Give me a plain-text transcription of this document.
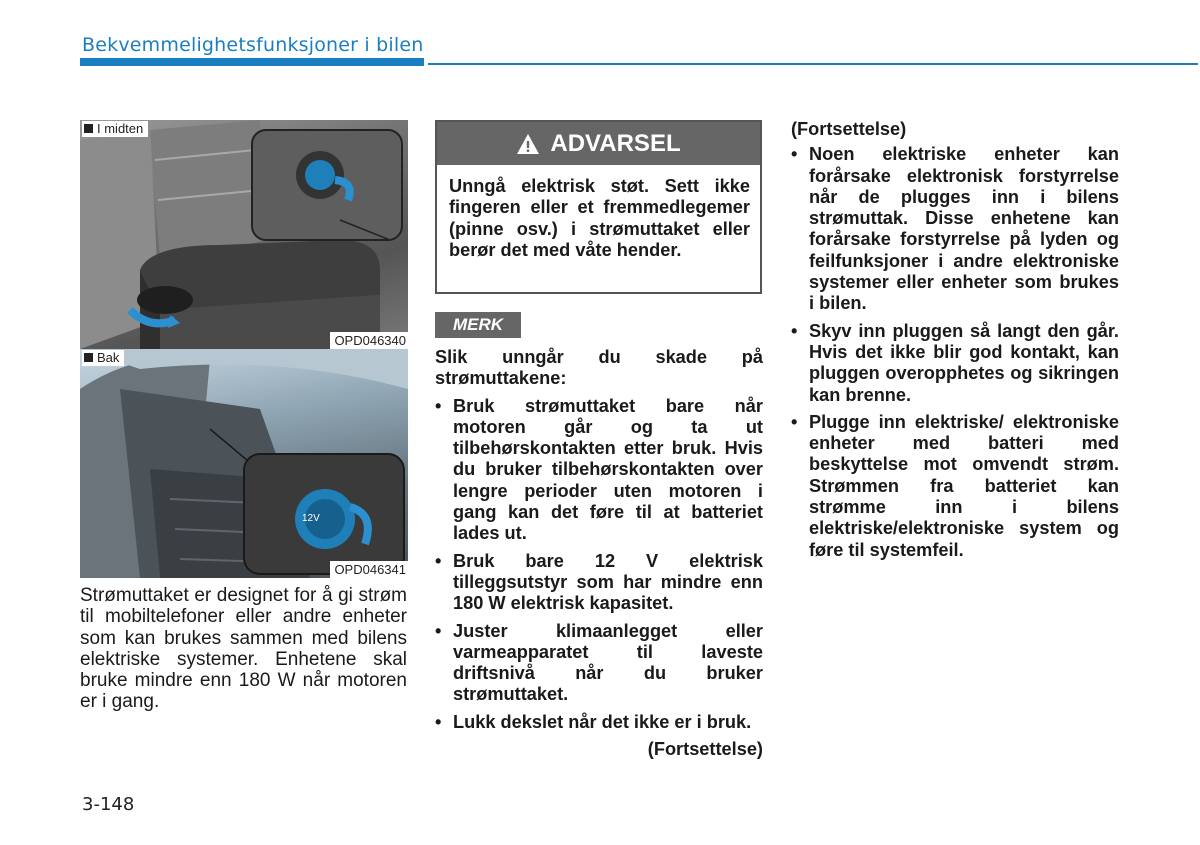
Bekvemmelighetsfunksjoner i bilen
I midten
OPD046340
12V
Bak
OPD046341
Strømuttaket er designet for å gi strøm til mobiltelefoner eller andre enheter som kan brukes sammen med bilens elektriske systemer. Enhetene skal bruke mindre enn 180 W når motoren er i gang.
ADVARSEL
Unngå elektrisk støt. Sett ikke fingeren eller et fremmedlegemer (pinne osv.) i strømuttaket eller berør det med våte hender.
MERK

Slik unngår du skade på strømuttakene:

• Bruk strømuttaket bare når motoren går og ta ut tilbehørskontakten etter bruk. Hvis du bruker tilbehørskontakten over lengre perioder uten motoren i gang kan det føre til at batteriet lades ut.
• Bruk bare 12 V elektrisk tilleggsutstyr som har mindre enn 180 W elektrisk kapasitet.
• Juster klimaanlegget eller varmeapparatet til laveste driftsnivå når du bruker strømuttaket.
• Lukk dekslet når det ikke er i bruk.
(Fortsettelse)

(Fortsettelse)

• Noen elektriske enheter kan forårsake elektronisk forstyrrelse når de plugges inn i bilens strømuttak. Disse enhetene kan forårsake forstyrrelse på lyden og feilfunksjoner i andre elektroniske systemer eller enheter som brukes i bilen.
• Skyv inn pluggen så langt den går. Hvis det ikke blir god kontakt, kan pluggen overopphetes og sikringen kan brenne.
• Plugge inn elektriske/ elektroniske enheter med batteri med beskyttelse mot omvendt strøm. Strømmen fra batteriet kan strømme inn i bilens elektriske/elektroniske system og føre til systemfeil.
3-148
